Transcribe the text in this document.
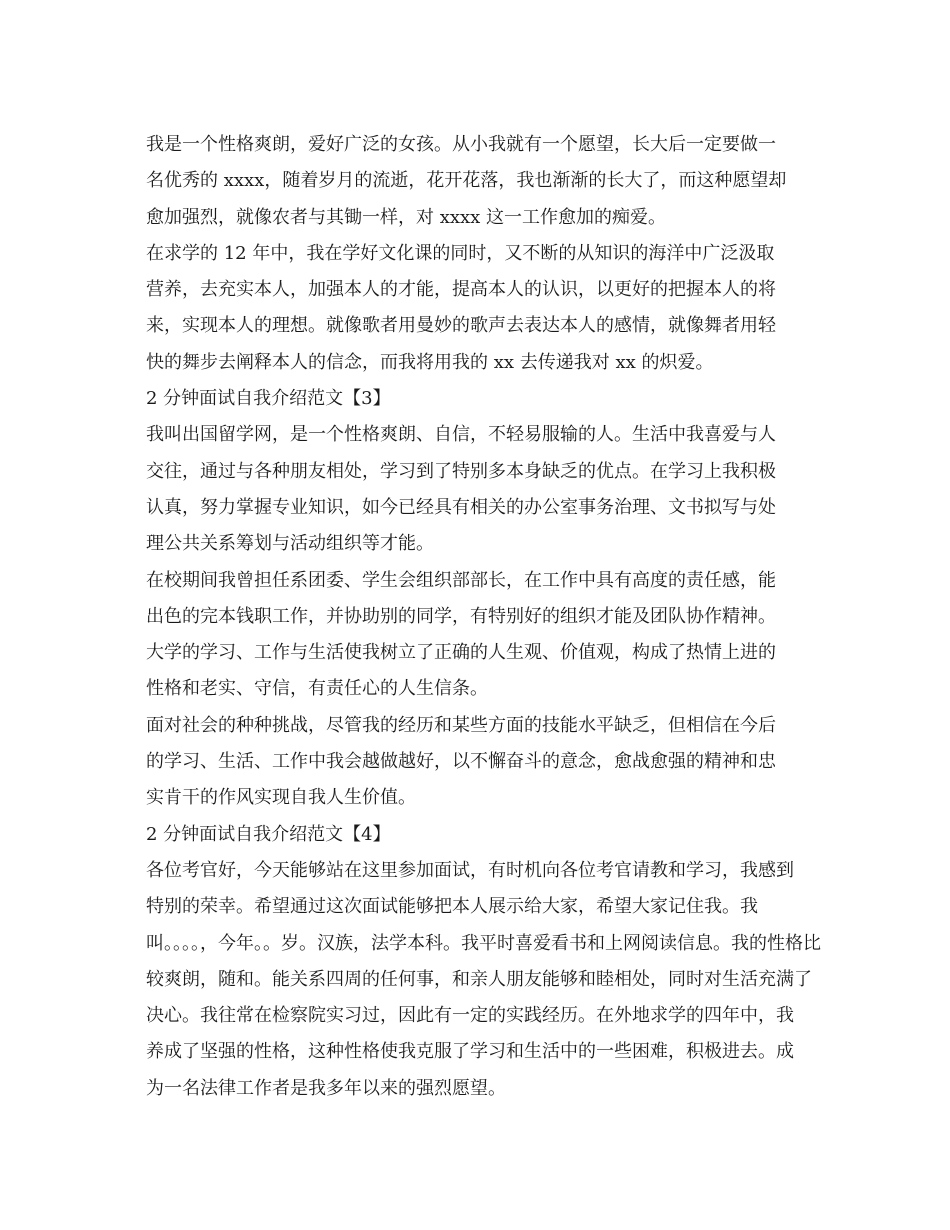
我是一个性格爽朗，爱好广泛的女孩。从小我就有一个愿望，长大后一定要做一
名优秀的 xxxx，随着岁月的流逝，花开花落，我也渐渐的长大了，而这种愿望却
愈加强烈，就像农者与其锄一样，对 xxxx 这一工作愈加的痴爱。
在求学的 12 年中，我在学好文化课的同时，又不断的从知识的海洋中广泛汲取
营养，去充实本人，加强本人的才能，提高本人的认识，以更好的把握本人的将
来，实现本人的理想。就像歌者用曼妙的歌声去表达本人的感情，就像舞者用轻
快的舞步去阐释本人的信念，而我将用我的 xx 去传递我对 xx 的炽爱。
2 分钟面试自我介绍范文【3】
我叫出国留学网，是一个性格爽朗、自信，不轻易服输的人。生活中我喜爱与人
交往，通过与各种朋友相处，学习到了特别多本身缺乏的优点。在学习上我积极
认真，努力掌握专业知识，如今已经具有相关的办公室事务治理、文书拟写与处
理公共关系筹划与活动组织等才能。
在校期间我曾担任系团委、学生会组织部部长，在工作中具有高度的责任感，能
出色的完本钱职工作，并协助别的同学，有特别好的组织才能及团队协作精神。
大学的学习、工作与生活使我树立了正确的人生观、价值观，构成了热情上进的
性格和老实、守信，有责任心的人生信条。
面对社会的种种挑战，尽管我的经历和某些方面的技能水平缺乏，但相信在今后
的学习、生活、工作中我会越做越好，以不懈奋斗的意念，愈战愈强的精神和忠
实肯干的作风实现自我人生价值。
2 分钟面试自我介绍范文【4】
各位考官好，今天能够站在这里参加面试，有时机向各位考官请教和学习，我感到
特别的荣幸。希望通过这次面试能够把本人展示给大家，希望大家记住我。我
叫。。。。，今年。。岁。汉族，法学本科。我平时喜爱看书和上网阅读信息。我的性格比
较爽朗，随和。能关系四周的任何事，和亲人朋友能够和睦相处，同时对生活充满了
决心。我往常在检察院实习过，因此有一定的实践经历。在外地求学的四年中，我
养成了坚强的性格，这种性格使我克服了学习和生活中的一些困难，积极进去。成
为一名法律工作者是我多年以来的强烈愿望。
